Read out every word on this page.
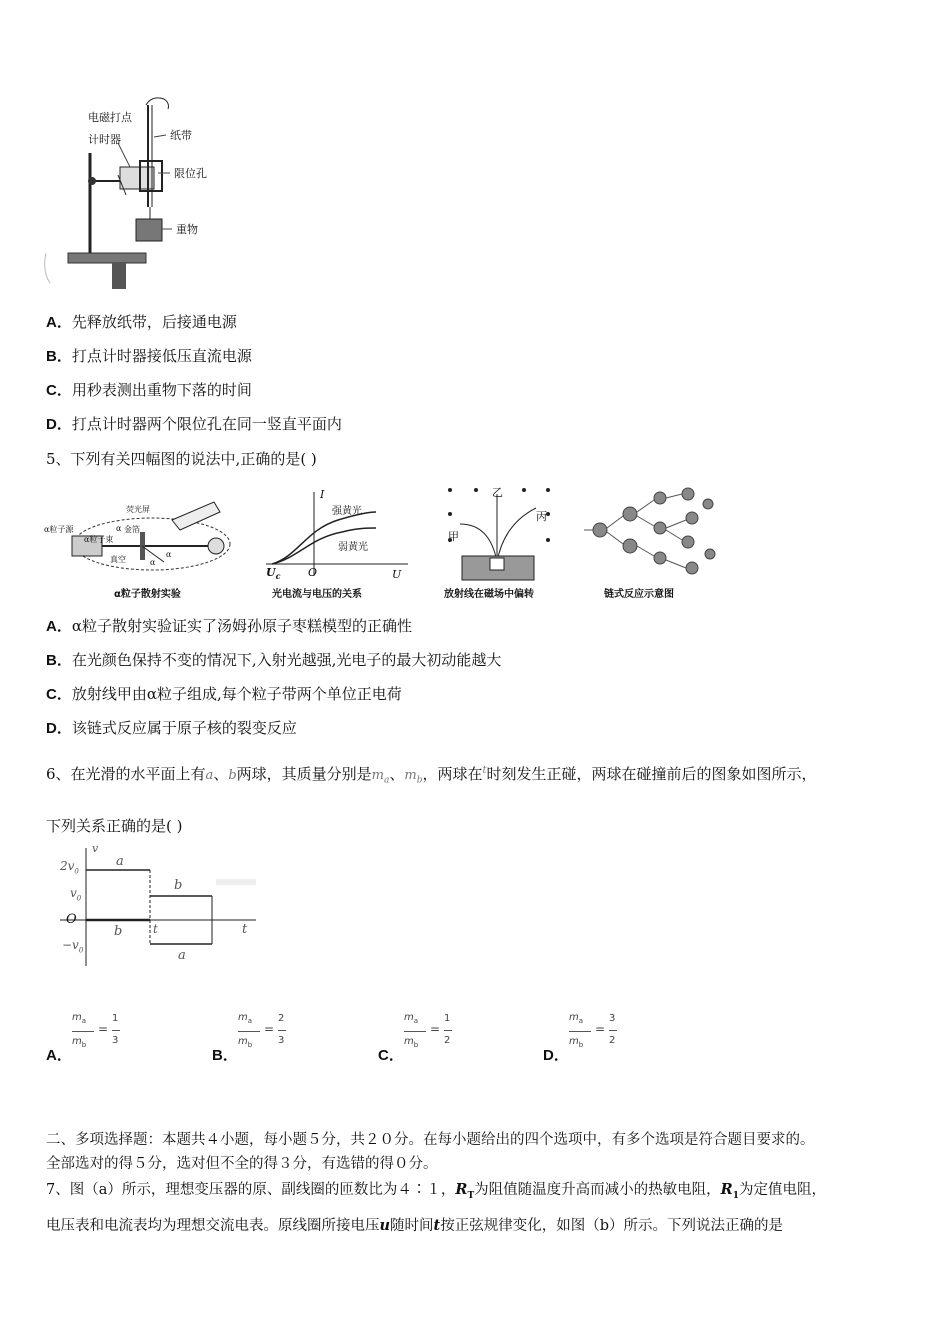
电磁打点
计时器	纸带
限位孔
重物
A．先释放纸带，后接通电源
B．打点计时器接低压直流电源
C．用秒表测出重物下落的时间
D．打点计时器两个限位孔在同一竖直平面内
5、下列有关四幅图的说法中,正确的是( )
荧光屏
α粒子源
α粒子束
金箔
真空
α
α
α
α粒子散射实验
I
强黄光
弱黄光
$U_c$	O	U
光电流与电压的关系
甲
乙
丙
放射线在磁场中偏转	链式反应示意图
A．α粒子散射实验证实了汤姆孙原子枣糕模型的正确性
B．在光颜色保持不变的情况下,入射光越强,光电子的最大初动能越大
C．放射线甲由α粒子组成,每个粒子带两个单位正电荷
D．该链式反应属于原子核的裂变反应
6、在光滑的水平面上有a、b两球，其质量分别是$m_a$、$m_b$，两球在$^t$时刻发生正碰，两球在碰撞前后的图象如图所示，
下列关系正确的是( )
v
$2v_0$
$v_0$
O
$-v_0$
t
t
a
b
b
a
$m_a$
$m_b$
=
1
3
A．
$m_a$
$m_b$
=
2
3
B．
$m_a$
$m_b$
=
1
2
C．
$m_a$
$m_b$
=
3
2
D．
二、多项选择题：本题共４小题，每小题５分，共２０分。在每小题给出的四个选项中，有多个选项是符合题目要求的。
全部选对的得５分，选对但不全的得３分，有选错的得０分。
7、图（a）所示，理想变压器的原、副线圈的匝数比为４∶１，$R_T$为阻值随温度升高而减小的热敏电阻，$R_1$为定值电阻，
电压表和电流表均为理想交流电表。原线圈所接电压u随时间t按正弦规律变化，如图（b）所示。下列说法正确的是
